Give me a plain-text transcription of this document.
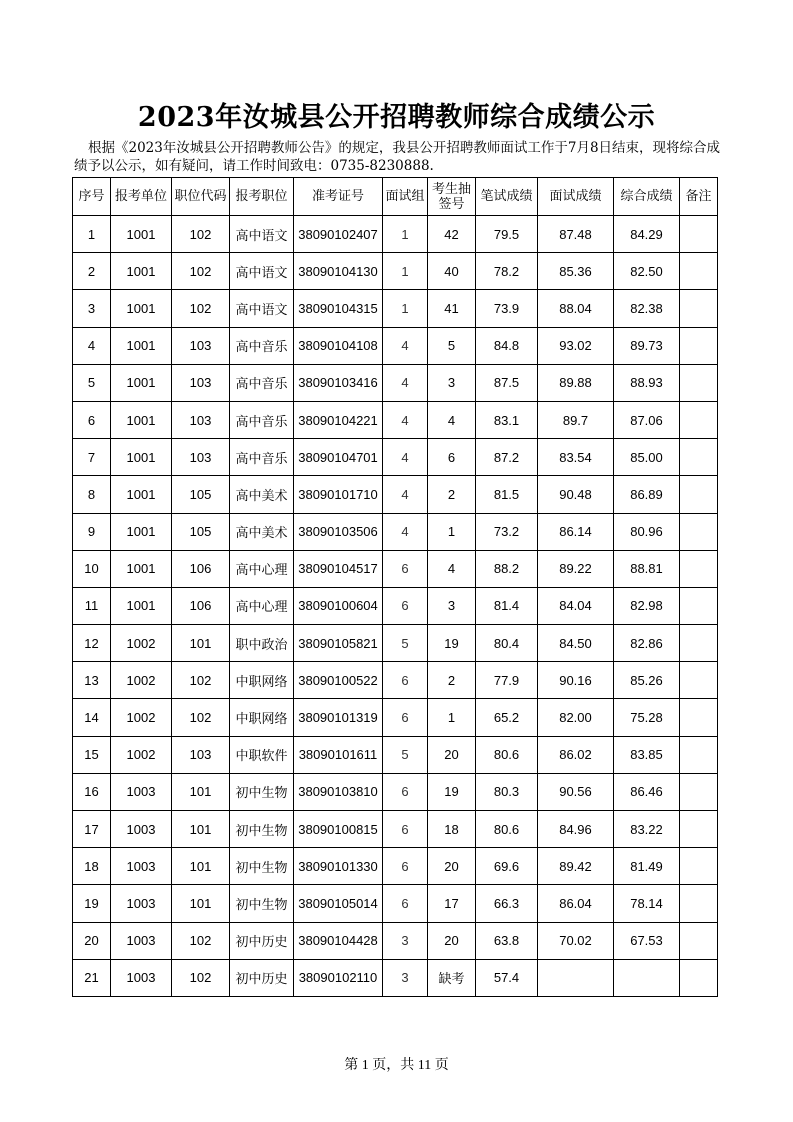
2023年汝城县公开招聘教师综合成绩公示
根据《2023年汝城县公开招聘教师公告》的规定，我县公开招聘教师面试工作于7月8日结束，现将综合成绩予以公示，如有疑问，请工作时间致电：0735-8230888.
序号	报考单位	职位代码	报考职位	准考证号	面试组	考生抽签号	笔试成绩	面试成绩	综合成绩	备注
1	1001	102	高中语文	38090102407	1	42	79.5	87.48	84.29	
2	1001	102	高中语文	38090104130	1	40	78.2	85.36	82.50	
3	1001	102	高中语文	38090104315	1	41	73.9	88.04	82.38	
4	1001	103	高中音乐	38090104108	4	5	84.8	93.02	89.73	
5	1001	103	高中音乐	38090103416	4	3	87.5	89.88	88.93	
6	1001	103	高中音乐	38090104221	4	4	83.1	89.7	87.06	
7	1001	103	高中音乐	38090104701	4	6	87.2	83.54	85.00	
8	1001	105	高中美术	38090101710	4	2	81.5	90.48	86.89	
9	1001	105	高中美术	38090103506	4	1	73.2	86.14	80.96	
10	1001	106	高中心理	38090104517	6	4	88.2	89.22	88.81	
11	1001	106	高中心理	38090100604	6	3	81.4	84.04	82.98	
12	1002	101	职中政治	38090105821	5	19	80.4	84.50	82.86	
13	1002	102	中职网络	38090100522	6	2	77.9	90.16	85.26	
14	1002	102	中职网络	38090101319	6	1	65.2	82.00	75.28	
15	1002	103	中职软件	38090101611	5	20	80.6	86.02	83.85	
16	1003	101	初中生物	38090103810	6	19	80.3	90.56	86.46	
17	1003	101	初中生物	38090100815	6	18	80.6	84.96	83.22	
18	1003	101	初中生物	38090101330	6	20	69.6	89.42	81.49	
19	1003	101	初中生物	38090105014	6	17	66.3	86.04	78.14	
20	1003	102	初中历史	38090104428	3	20	63.8	70.02	67.53	
21	1003	102	初中历史	38090102110	3	缺考	57.4			
第 1 页，共 11 页
